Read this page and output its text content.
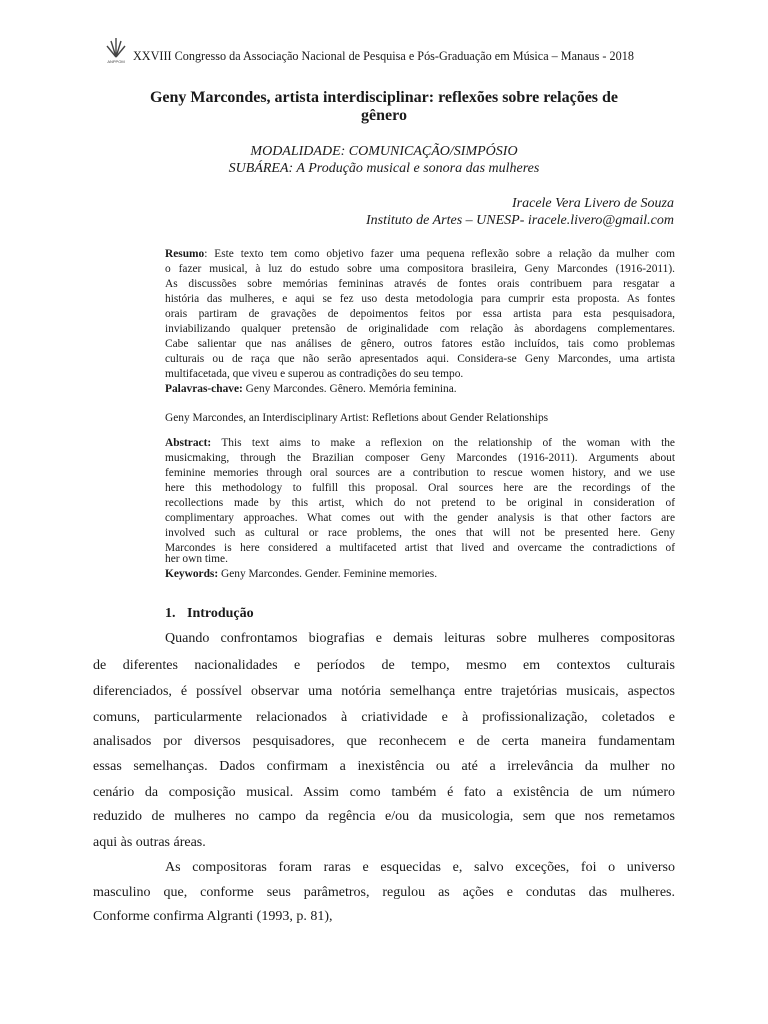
ANPPOM XXVIII Congresso da Associação Nacional de Pesquisa e Pós-Graduação em Música – Manaus - 2018
Geny Marcondes, artista interdisciplinar: reflexões sobre relações de
gênero
MODALIDADE: COMUNICAÇÃO/SIMPÓSIO
SUBÁREA: A Produção musical e sonora das mulheres
Iracele Vera Livero de Souza
Instituto de Artes – UNESP- iracele.livero@gmail.com
Resumo: Este texto tem como objetivo fazer uma pequena reflexão sobre a relação da mulher com
o fazer musical, à luz do estudo sobre uma compositora brasileira, Geny Marcondes (1916-2011).
As discussões sobre memórias femininas através de fontes orais contribuem para resgatar a
história das mulheres, e aqui se fez uso desta metodologia para cumprir esta proposta. As fontes
orais partiram de gravações de depoimentos feitos por essa artista para esta pesquisadora,
inviabilizando qualquer pretensão de originalidade com relação às abordagens complementares.
Cabe salientar que nas análises de gênero, outros fatores estão incluídos, tais como problemas
culturais ou de raça que não serão apresentados aqui. Considera-se Geny Marcondes, uma artista
multifacetada, que viveu e superou as contradições do seu tempo.
Palavras-chave: Geny Marcondes. Gênero. Memória feminina.
Geny Marcondes, an Interdisciplinary Artist: Refletions about Gender Relationships
Abstract: This text aims to make a reflexion on the relationship of the woman with the
musicmaking, through the Brazilian composer Geny Marcondes (1916-2011). Arguments about
feminine memories through oral sources are a contribution to rescue women history, and we use
here this methodology to fulfill this proposal. Oral sources here are the recordings of the
recollections made by this artist, which do not pretend to be original in consideration of
complimentary approaches. What comes out with the gender analysis is that other factors are
involved such as cultural or race problems, the ones that will not be presented here. Geny
Marcondes is here considered a multifaceted artist that lived and overcame the contradictions of
her own time.
Keywords: Geny Marcondes. Gender. Feminine memories.
1. Introdução
Quando confrontamos biografias e demais leituras sobre mulheres compositoras
de diferentes nacionalidades e períodos de tempo, mesmo em contextos culturais
diferenciados, é possível observar uma notória semelhança entre trajetórias musicais, aspectos
comuns, particularmente relacionados à criatividade e à profissionalização, coletados e
analisados por diversos pesquisadores, que reconhecem e de certa maneira fundamentam
essas semelhanças. Dados confirmam a inexistência ou até a irrelevância da mulher no
cenário da composição musical. Assim como também é fato a existência de um número
reduzido de mulheres no campo da regência e/ou da musicologia, sem que nos remetamos
aqui às outras áreas.
As compositoras foram raras e esquecidas e, salvo exceções, foi o universo
masculino que, conforme seus parâmetros, regulou as ações e condutas das mulheres.
Conforme confirma Algranti (1993, p. 81),
